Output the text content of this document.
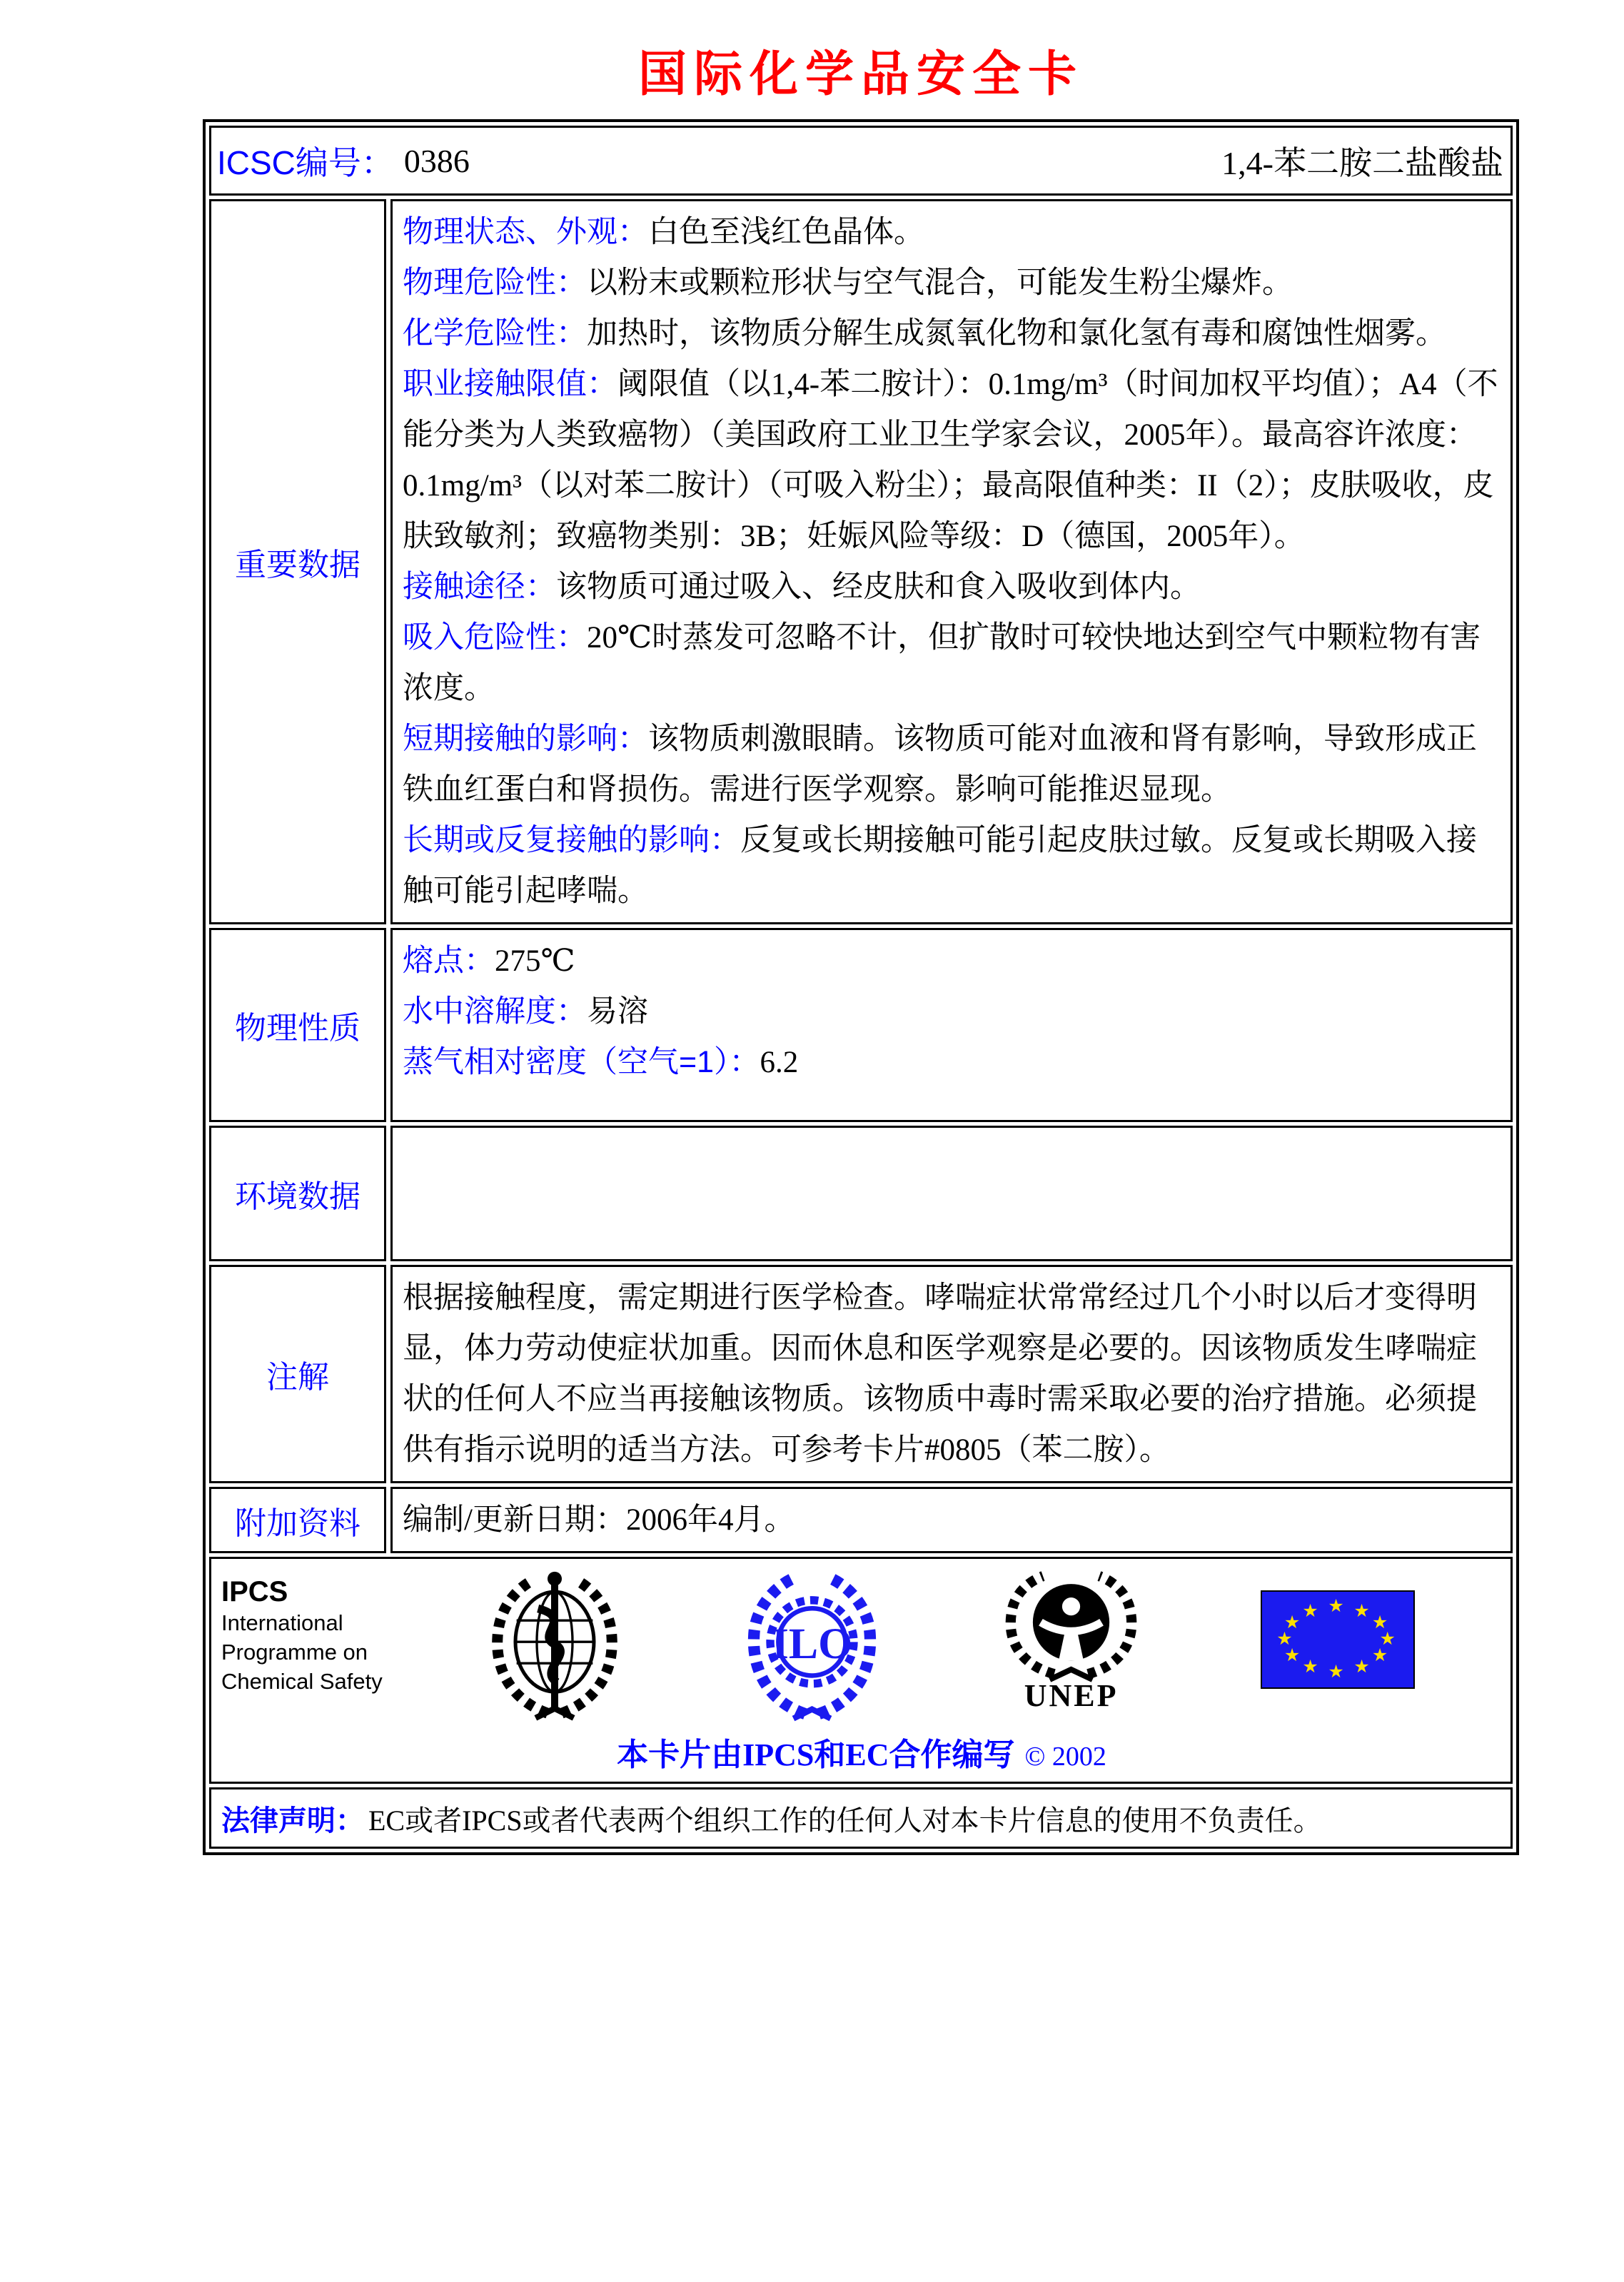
国际化学品安全卡
ICSC编号： 0386	1,4-苯二胺二盐酸盐
重要数据

物理状态、外观：白色至浅红色晶体。

物理危险性：以粉末或颗粒形状与空气混合，可能发生粉尘爆炸。

化学危险性：加热时，该物质分解生成氮氧化物和氯化氢有毒和腐蚀性烟雾。

职业接触限值：阈限值（以1,4-苯二胺计）：0.1mg/m³（时间加权平均值）；A4（不能分类为人类致癌物）（美国政府工业卫生学家会议，2005年）。最高容许浓度：0.1mg/m³（以对苯二胺计）（可吸入粉尘）；最高限值种类：II（2）；皮肤吸收，皮肤致敏剂；致癌物类别：3B；妊娠风险等级：D（德国，2005年）。

接触途径：该物质可通过吸入、经皮肤和食入吸收到体内。

吸入危险性：20℃时蒸发可忽略不计，但扩散时可较快地达到空气中颗粒物有害浓度。

短期接触的影响：该物质刺激眼睛。该物质可能对血液和肾有影响，导致形成正铁血红蛋白和肾损伤。需进行医学观察。影响可能推迟显现。

长期或反复接触的影响：反复或长期接触可能引起皮肤过敏。反复或长期吸入接触可能引起哮喘。

物理性质

熔点：275℃

水中溶解度：易溶

蒸气相对密度（空气=1）：6.2

环境数据
注解

根据接触程度，需定期进行医学检查。哮喘症状常常经过几个小时以后才变得明显，体力劳动使症状加重。因而休息和医学观察是必要的。因该物质发生哮喘症状的任何人不应当再接触该物质。该物质中毒时需采取必要的治疗措施。必须提供有指示说明的适当方法。可参考卡片#0805（苯二胺）。

附加资料	编制/更新日期：2006年4月。
IPCS
International
Programme on
Chemical Safety
ILO
UNEP
本卡片由IPCS和EC合作编写 © 2002
法律声明： EC或者IPCS或者代表两个组织工作的任何人对本卡片信息的使用不负责任。
